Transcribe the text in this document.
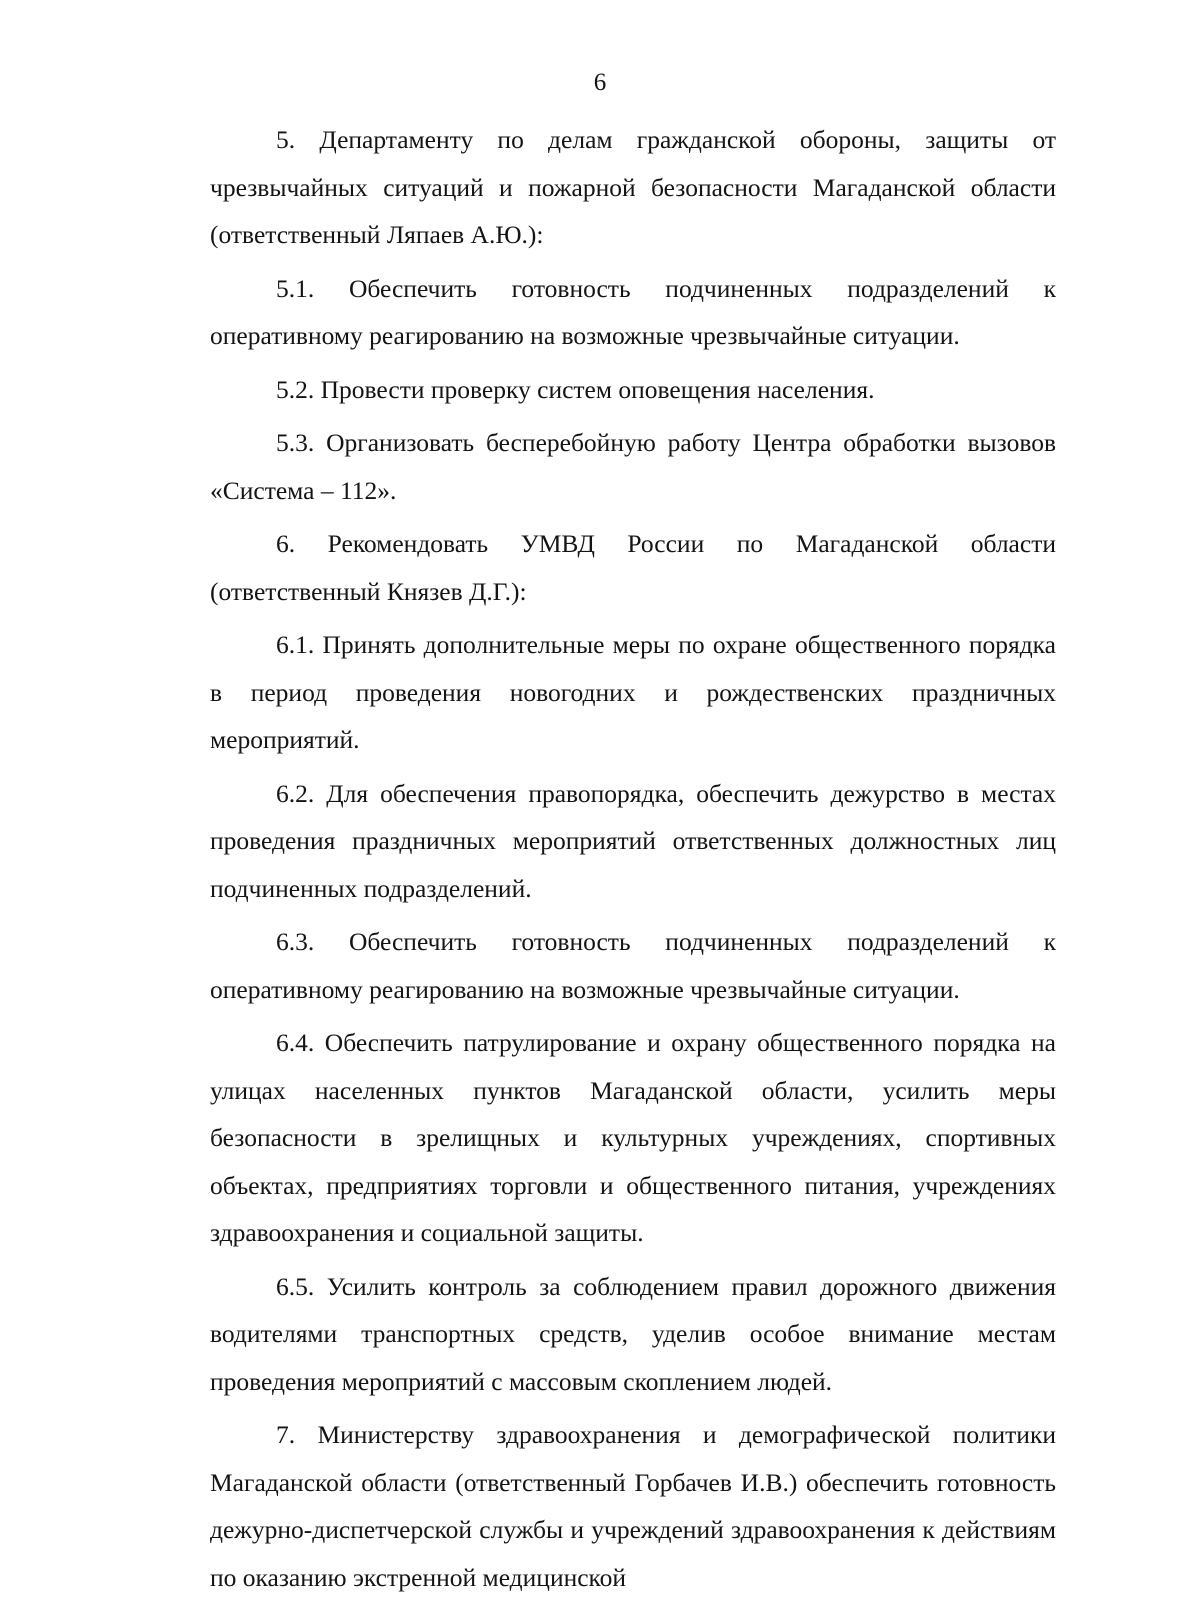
6

5. Департаменту по делам гражданской обороны, защиты от чрезвычайных ситуаций и пожарной безопасности Магаданской области (ответственный Ляпаев А.Ю.):

5.1. Обеспечить готовность подчиненных подразделений к оперативному реагированию на возможные чрезвычайные ситуации.

5.2. Провести проверку систем оповещения населения.

5.3. Организовать бесперебойную работу Центра обработки вызовов «Система – 112».

6. Рекомендовать УМВД России по Магаданской области (ответственный Князев Д.Г.):

6.1. Принять дополнительные меры по охране общественного порядка в период проведения новогодних и рождественских праздничных мероприятий.

6.2. Для обеспечения правопорядка, обеспечить дежурство в местах проведения праздничных мероприятий ответственных должностных лиц подчиненных подразделений.

6.3. Обеспечить готовность подчиненных подразделений к оперативному реагированию на возможные чрезвычайные ситуации.

6.4. Обеспечить патрулирование и охрану общественного порядка на улицах населенных пунктов Магаданской области, усилить меры безопасности в зрелищных и культурных учреждениях, спортивных объектах, предприятиях торговли и общественного питания, учреждениях здравоохранения и социальной защиты.

6.5. Усилить контроль за соблюдением правил дорожного движения водителями транспортных средств, уделив особое внимание местам проведения мероприятий с массовым скоплением людей.

7. Министерству здравоохранения и демографической политики Магаданской области (ответственный Горбачев И.В.) обеспечить готовность дежурно-диспетчерской службы и учреждений здравоохранения к действиям по оказанию экстренной медицинской
